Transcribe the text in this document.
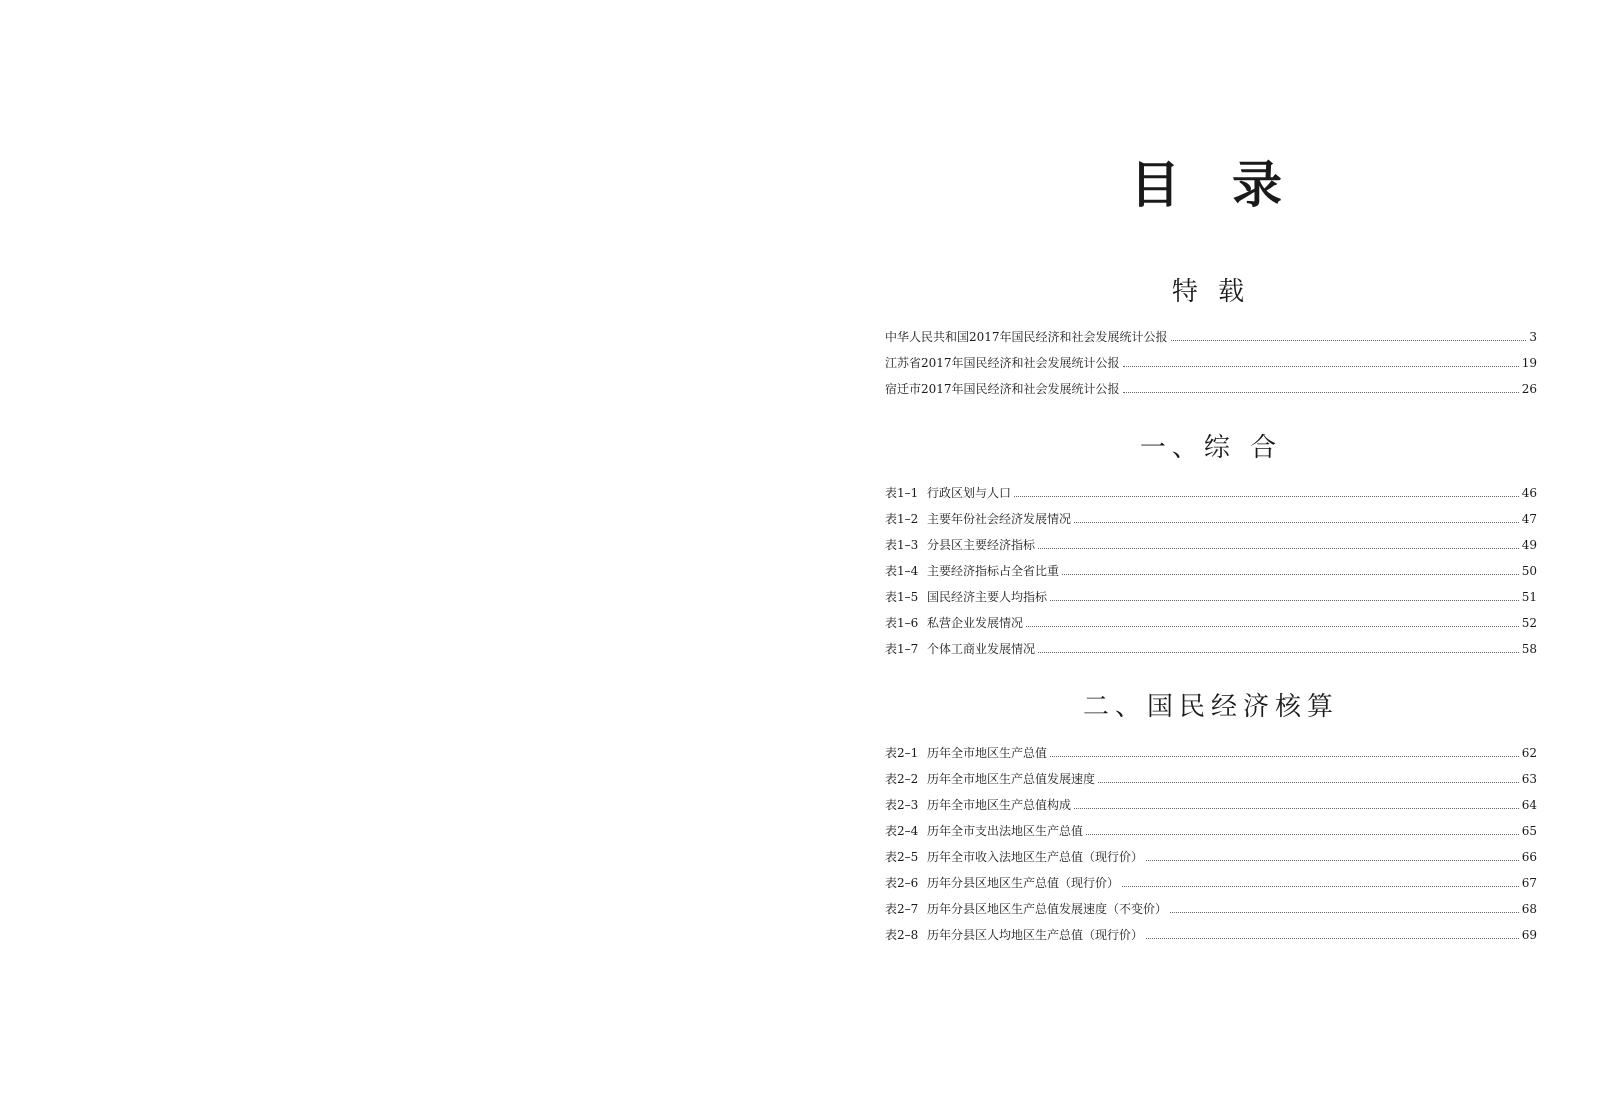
目 录
特 载
中华人民共和国2017年国民经济和社会发展统计公报	3
江苏省2017年国民经济和社会发展统计公报	19
宿迁市2017年国民经济和社会发展统计公报	26
一、综 合
表1–1 行政区划与人口	46
表1–2 主要年份社会经济发展情况	47
表1–3 分县区主要经济指标	49
表1–4 主要经济指标占全省比重	50
表1–5 国民经济主要人均指标	51
表1–6 私营企业发展情况	52
表1–7 个体工商业发展情况	58
二、国民经济核算
表2–1 历年全市地区生产总值	62
表2–2 历年全市地区生产总值发展速度	63
表2–3 历年全市地区生产总值构成	64
表2–4 历年全市支出法地区生产总值	65
表2–5 历年全市收入法地区生产总值（现行价）	66
表2–6 历年分县区地区生产总值（现行价）	67
表2–7 历年分县区地区生产总值发展速度（不变价）	68
表2–8 历年分县区人均地区生产总值（现行价）	69
